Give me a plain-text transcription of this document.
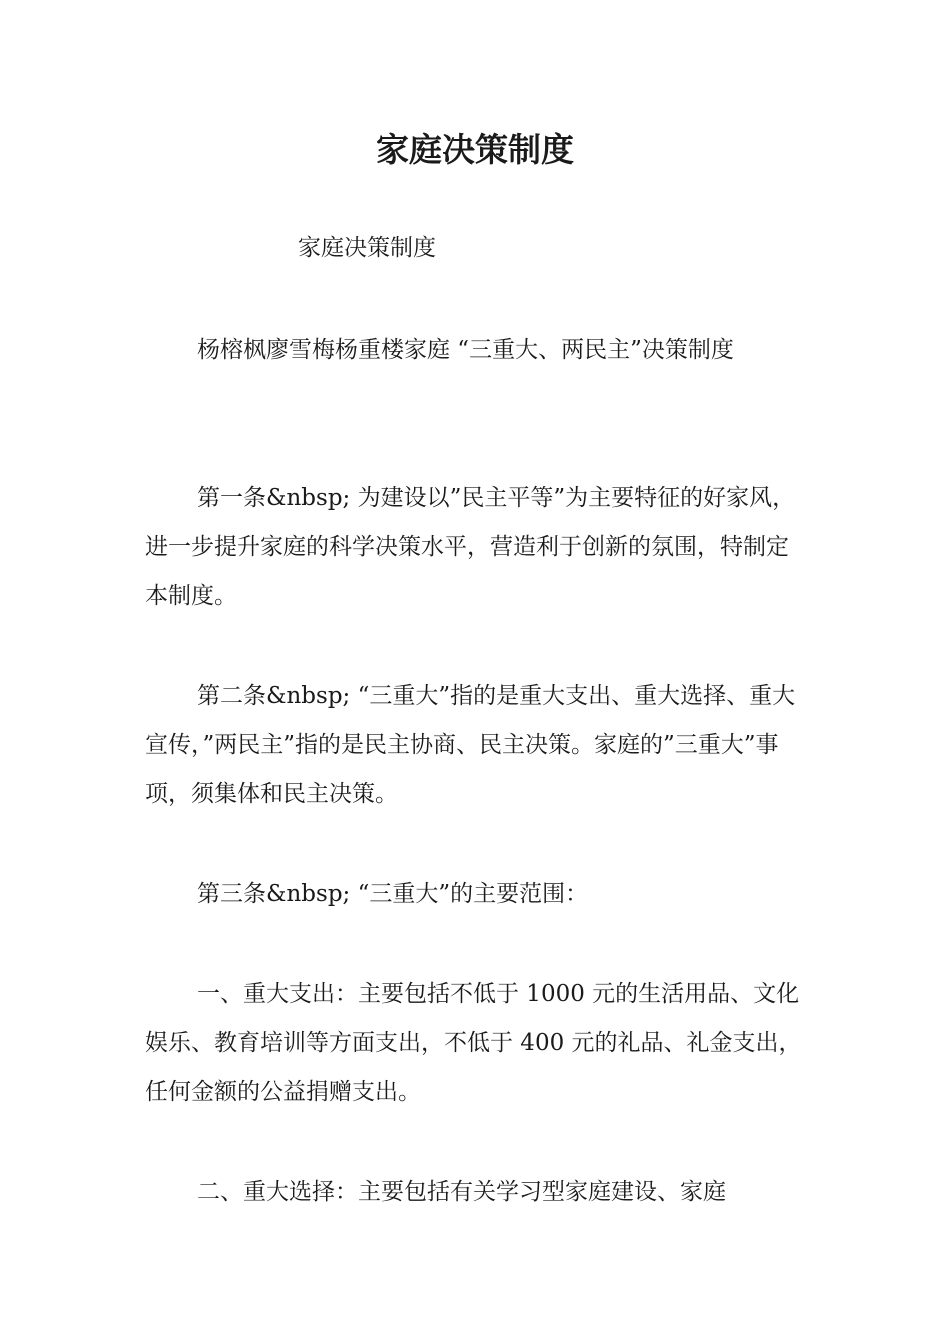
家庭决策制度

家庭决策制度

杨榕枫廖雪梅杨重楼家庭 “三重大、两民主”决策制度

第一条&nbsp; 为建设以”民主平等”为主要特征的好家风，进一步提升家庭的科学决策水平，营造利于创新的氛围，特制定本制度。

第二条&nbsp; “三重大”指的是重大支出、重大选择、重大宣传，”两民主”指的是民主协商、民主决策。家庭的”三重大”事项，须集体和民主决策。

第三条&nbsp; “三重大”的主要范围：

一、重大支出：主要包括不低于 1000 元的生活用品、文化娱乐、教育培训等方面支出，不低于 400 元的礼品、礼金支出，任何金额的公益捐赠支出。

二、重大选择：主要包括有关学习型家庭建设、家庭
